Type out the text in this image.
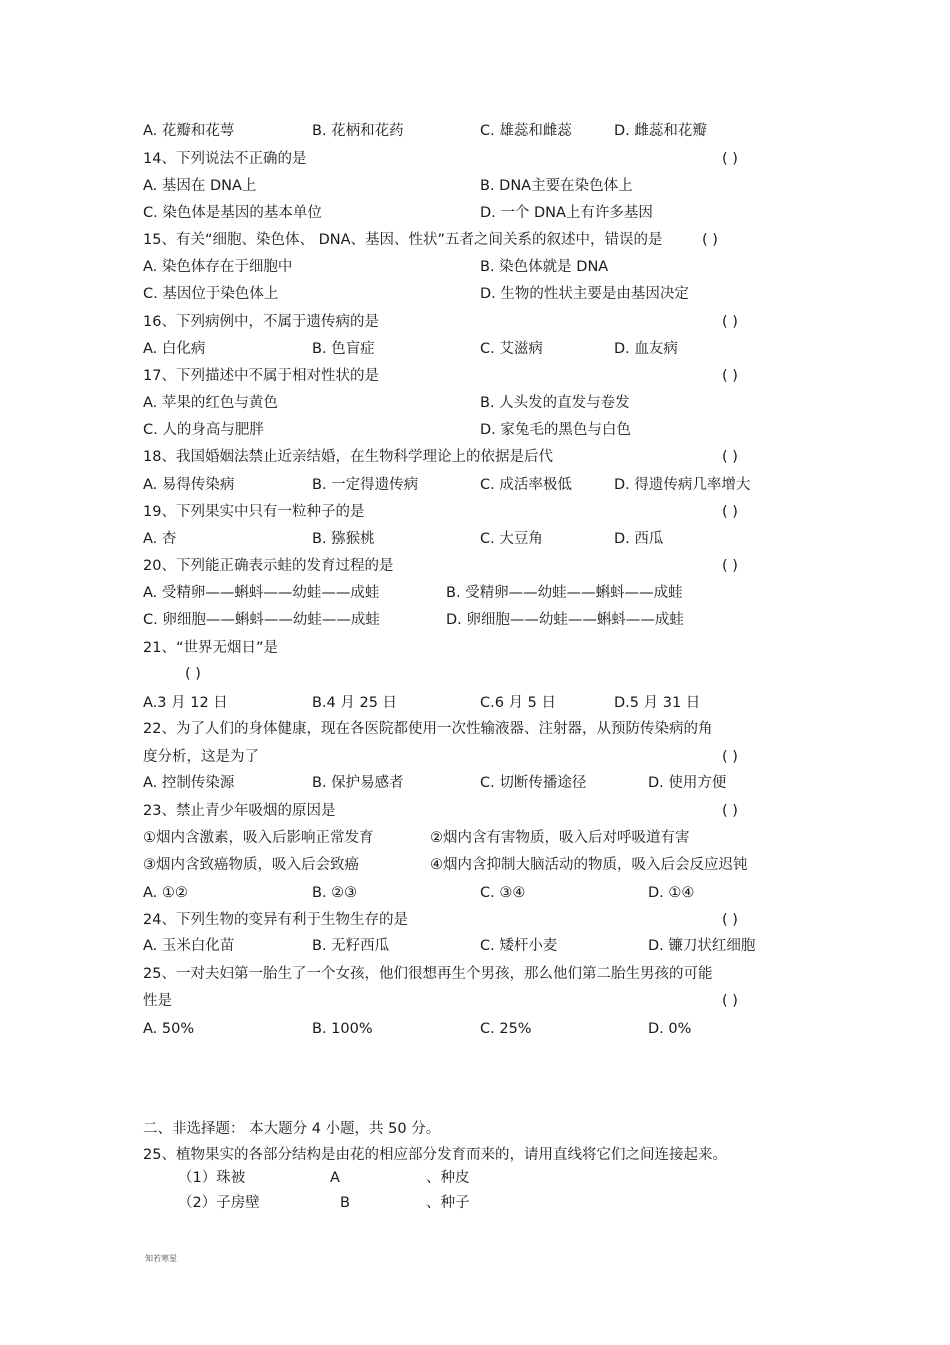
A. 花瓣和花萼	B. 花柄和花药	C. 雄蕊和雌蕊	D. 雌蕊和花瓣
14、下列说法不正确的是	( )
A. 基因在 DNA上	B. DNA主要在染色体上
C. 染色体是基因的基本单位	D. 一个 DNA上有许多基因
15、有关“细胞、染色体、 DNA、基因、性状”五者之间关系的叙述中，错误的是	( )
A. 染色体存在于细胞中	B. 染色体就是 DNA
C. 基因位于染色体上	D. 生物的性状主要是由基因决定
16、下列病例中，不属于遗传病的是	( )
A. 白化病	B. 色盲症	C. 艾滋病	D. 血友病
17、下列描述中不属于相对性状的是	( )
A. 苹果的红色与黄色	B. 人头发的直发与卷发
C. 人的身高与肥胖	D. 家兔毛的黑色与白色
18、我国婚姻法禁止近亲结婚，在生物科学理论上的依据是后代	( )
A. 易得传染病	B. 一定得遗传病	C. 成活率极低	D. 得遗传病几率增大
19、下列果实中只有一粒种子的是	( )
A. 杏	B. 猕猴桃	C. 大豆角	D. 西瓜
20、下列能正确表示蛙的发育过程的是	( )
A. 受精卵——蝌蚪——幼蛙——成蛙	B. 受精卵——幼蛙——蝌蚪——成蛙
C. 卵细胞——蝌蚪——幼蛙——成蛙	D. 卵细胞——幼蛙——蝌蚪——成蛙
21、“世界无烟日”是
( )
A.3 月 12 日	B.4 月 25 日	C.6 月 5 日	D.5 月 31 日
22、为了人们的身体健康，现在各医院都使用一次性输液器、注射器，从预防传染病的角
度分析，这是为了	( )
A. 控制传染源	B. 保护易感者	C. 切断传播途径	D. 使用方便
23、禁止青少年吸烟的原因是	( )
①烟内含激素，吸入后影响正常发育	②烟内含有害物质，吸入后对呼吸道有害
③烟内含致癌物质，吸入后会致癌	④烟内含抑制大脑活动的物质，吸入后会反应迟钝
A. ①②	B. ②③	C. ③④	D. ①④
24、下列生物的变异有利于生物生存的是	( )
A. 玉米白化苗	B. 无籽西瓜	C. 矮杆小麦	D. 镰刀状红细胞
25、一对夫妇第一胎生了一个女孩，他们很想再生个男孩，那么他们第二胎生男孩的可能
性是	( )
A. 50%	B. 100%	C. 25%	D. 0%
二、非选择题： 本大题分 4 小题，共 50 分。
25、植物果实的各部分结构是由花的相应部分发育而来的，请用直线将它们之间连接起来。
（1）珠被	A	、种皮
（2）子房壁	B	、种子
知若寒星
